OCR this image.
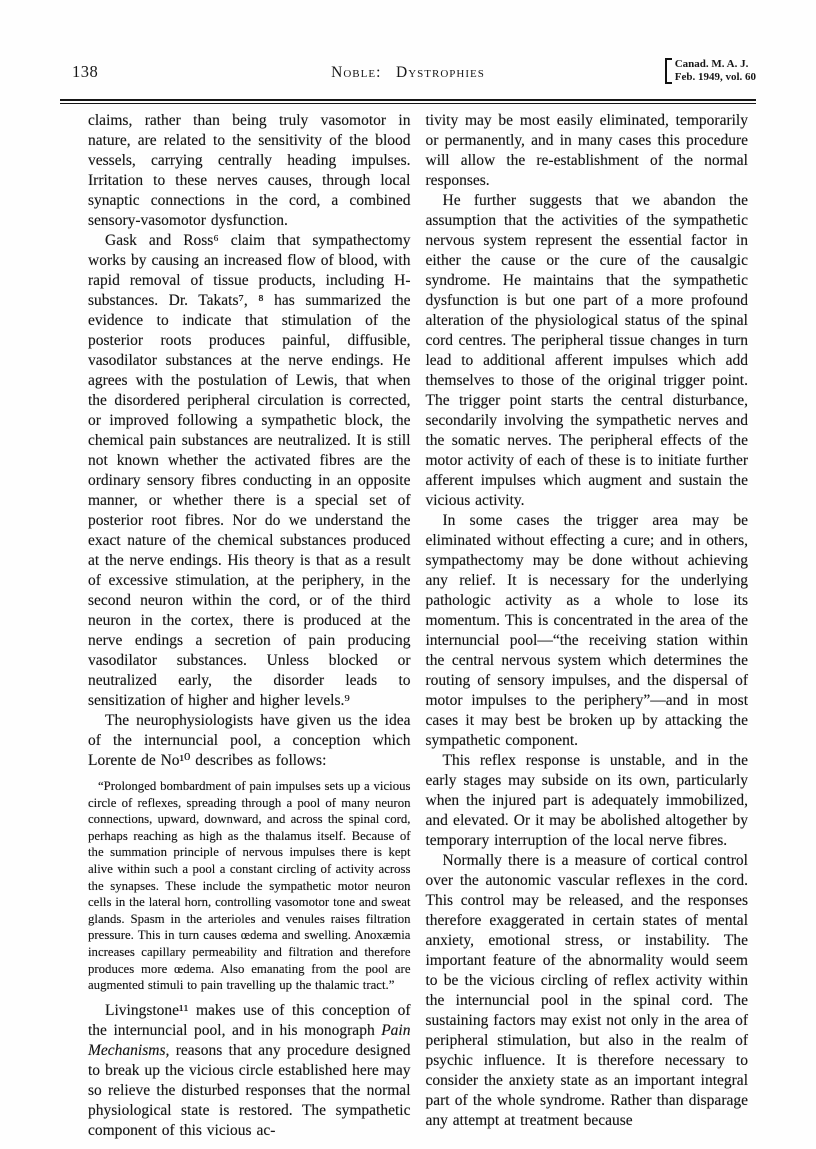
138	Noble:   Dystrophies	Canad. M. A. J.
Feb. 1949, vol. 60

claims, rather than being truly vasomotor in nature, are related to the sensitivity of the blood vessels, carrying centrally heading impulses. Irritation to these nerves causes, through local synaptic connections in the cord, a combined sensory-vasomotor dysfunction.

Gask and Ross⁶ claim that sympathectomy works by causing an increased flow of blood, with rapid removal of tissue products, including H-substances. Dr. Takats⁷, ⁸ has summarized the evidence to indicate that stimulation of the posterior roots produces painful, diffusible, vasodilator substances at the nerve endings. He agrees with the postulation of Lewis, that when the disordered peripheral circulation is corrected, or improved following a sympathetic block, the chemical pain substances are neutralized. It is still not known whether the activated fibres are the ordinary sensory fibres conducting in an opposite manner, or whether there is a special set of posterior root fibres. Nor do we understand the exact nature of the chemical substances produced at the nerve endings. His theory is that as a result of excessive stimulation, at the periphery, in the second neuron within the cord, or of the third neuron in the cortex, there is produced at the nerve endings a secretion of pain producing vasodilator substances. Unless blocked or neutralized early, the disorder leads to sensitization of higher and higher levels.⁹

The neurophysiologists have given us the idea of the internuncial pool, a conception which Lorente de No¹⁰ describes as follows:

“Prolonged bombardment of pain impulses sets up a vicious circle of reflexes, spreading through a pool of many neuron connections, upward, downward, and across the spinal cord, perhaps reaching as high as the thalamus itself. Because of the summation principle of nervous impulses there is kept alive within such a pool a constant circling of activity across the synapses. These include the sympathetic motor neuron cells in the lateral horn, controlling vasomotor tone and sweat glands. Spasm in the arterioles and venules raises filtration pressure. This in turn causes œdema and swelling. Anoxæmia increases capillary permeability and filtration and therefore produces more œdema. Also emanating from the pool are augmented stimuli to pain travelling up the thalamic tract.”

Livingstone¹¹ makes use of this conception of the internuncial pool, and in his monograph Pain Mechanisms, reasons that any procedure designed to break up the vicious circle established here may so relieve the disturbed responses that the normal physiological state is restored. The sympathetic component of this vicious ac-

tivity may be most easily eliminated, temporarily or permanently, and in many cases this procedure will allow the re-establishment of the normal responses.

He further suggests that we abandon the assumption that the activities of the sympathetic nervous system represent the essential factor in either the cause or the cure of the causalgic syndrome. He maintains that the sympathetic dysfunction is but one part of a more profound alteration of the physiological status of the spinal cord centres. The peripheral tissue changes in turn lead to additional afferent impulses which add themselves to those of the original trigger point. The trigger point starts the central disturbance, secondarily involving the sympathetic nerves and the somatic nerves. The peripheral effects of the motor activity of each of these is to initiate further afferent impulses which augment and sustain the vicious activity.

In some cases the trigger area may be eliminated without effecting a cure; and in others, sympathectomy may be done without achieving any relief. It is necessary for the underlying pathologic activity as a whole to lose its momentum. This is concentrated in the area of the internuncial pool—“the receiving station within the central nervous system which determines the routing of sensory impulses, and the dispersal of motor impulses to the periphery”—and in most cases it may best be broken up by attacking the sympathetic component.

This reflex response is unstable, and in the early stages may subside on its own, particularly when the injured part is adequately immobilized, and elevated. Or it may be abolished altogether by temporary interruption of the local nerve fibres.

Normally there is a measure of cortical control over the autonomic vascular reflexes in the cord. This control may be released, and the responses therefore exaggerated in certain states of mental anxiety, emotional stress, or instability. The important feature of the abnormality would seem to be the vicious circling of reflex activity within the internuncial pool in the spinal cord. The sustaining factors may exist not only in the area of peripheral stimulation, but also in the realm of psychic influence. It is therefore necessary to consider the anxiety state as an important integral part of the whole syndrome. Rather than disparage any attempt at treatment because
